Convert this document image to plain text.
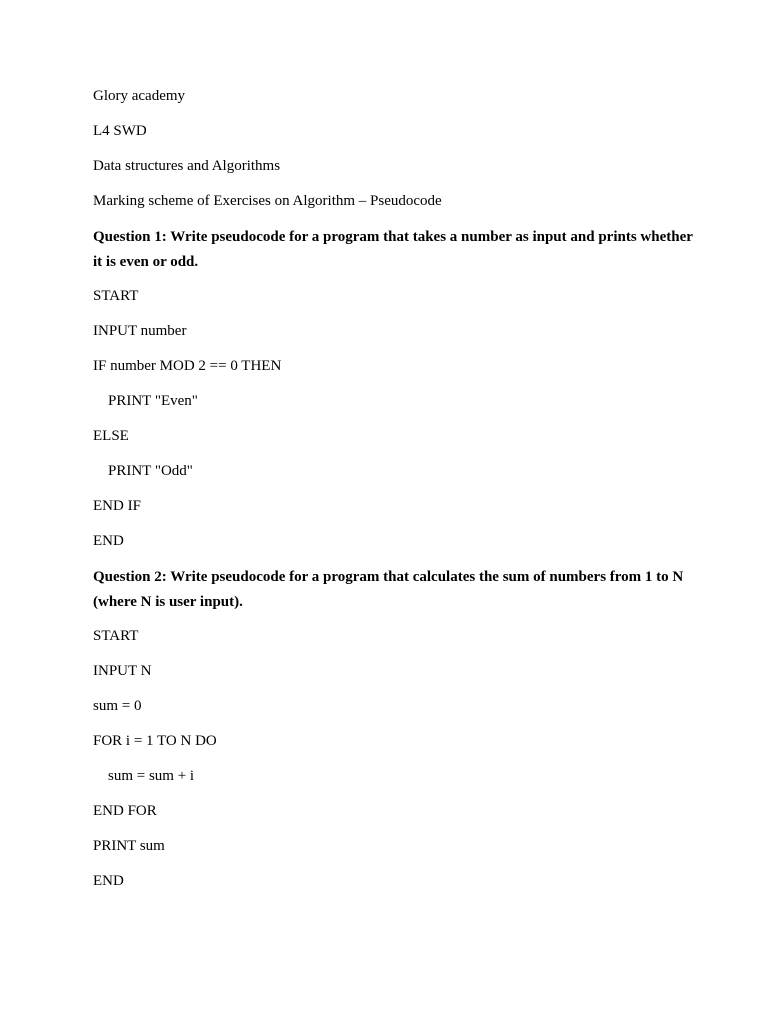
Glory academy
L4 SWD
Data structures and Algorithms
Marking scheme of Exercises on Algorithm – Pseudocode
Question 1: Write pseudocode for a program that takes a number as input and prints whether it is even or odd.
START
INPUT number
IF number MOD 2 == 0 THEN
PRINT "Even"
ELSE
PRINT "Odd"
END IF
END
Question 2: Write pseudocode for a program that calculates the sum of numbers from 1 to N (where N is user input).
START
INPUT N
sum = 0
FOR i = 1 TO N DO
sum = sum + i
END FOR
PRINT sum
END
